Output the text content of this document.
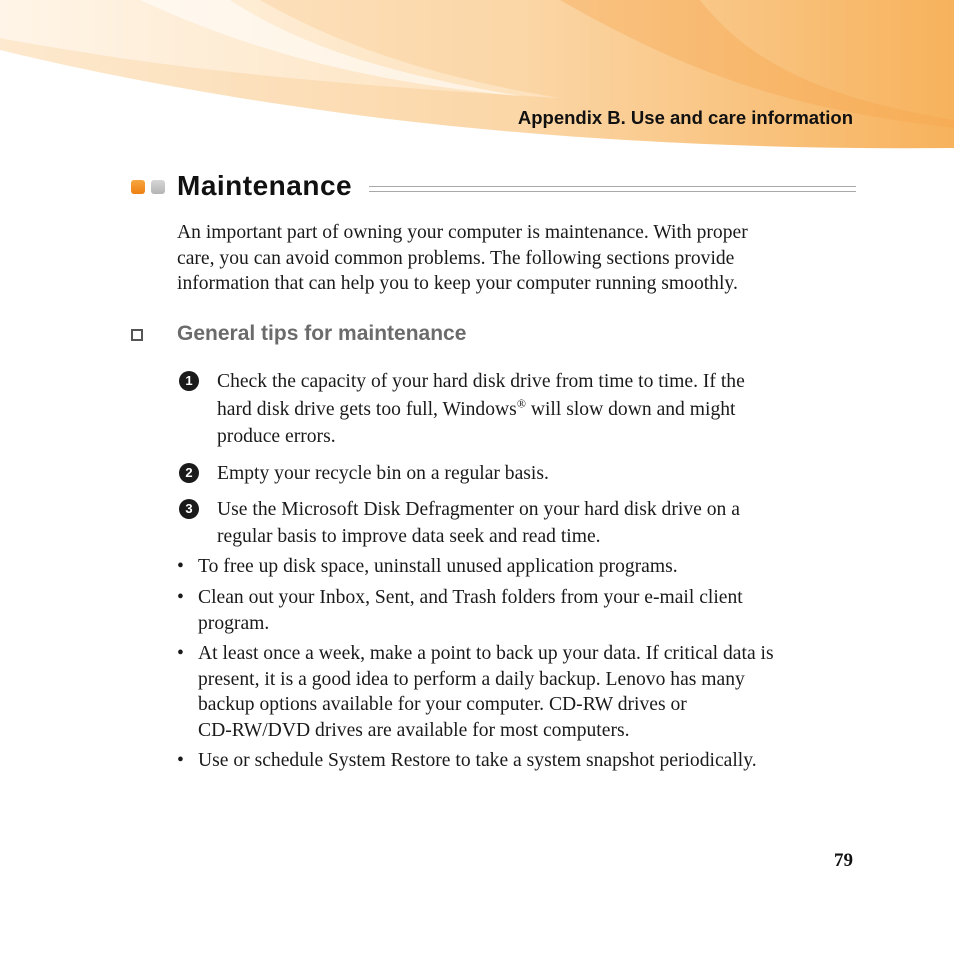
Appendix B. Use and care information
Maintenance
An important part of owning your computer is maintenance. With proper
care, you can avoid common problems. The following sections provide
information that can help you to keep your computer running smoothly.
General tips for maintenance
1	Check the capacity of your hard disk drive from time to time. If the
hard disk drive gets too full, Windows® will slow down and might
produce errors.
2	Empty your recycle bin on a regular basis.
3	Use the Microsoft Disk Defragmenter on your hard disk drive on a
regular basis to improve data seek and read time.
• To free up disk space, uninstall unused application programs.
• Clean out your Inbox, Sent, and Trash folders from your e-mail client
program.
• At least once a week, make a point to back up your data. If critical data is
present, it is a good idea to perform a daily backup. Lenovo has many
backup options available for your computer. CD-RW drives or
CD-RW/DVD drives are available for most computers.
• Use or schedule System Restore to take a system snapshot periodically.
79
